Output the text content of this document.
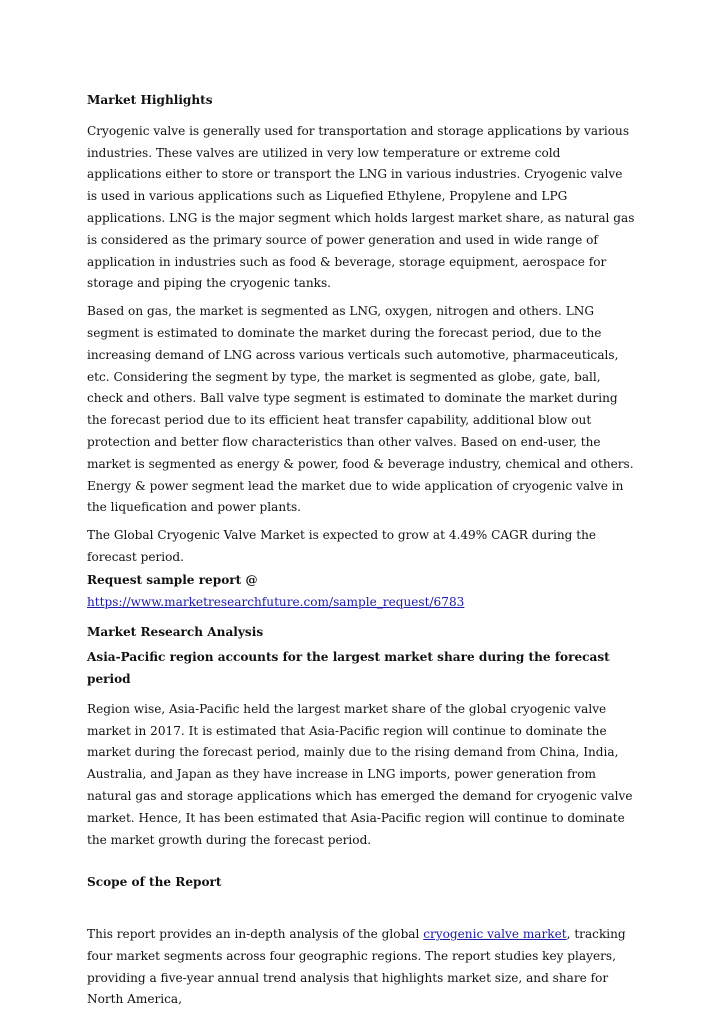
Market Highlights

Cryogenic valve is generally used for transportation and storage applications by various industries. These valves are utilized in very low temperature or extreme cold applications either to store or transport the LNG in various industries. Cryogenic valve is used in various applications such as Liquefied Ethylene, Propylene and LPG applications. LNG is the major segment which holds largest market share, as natural gas is considered as the primary source of power generation and used in wide range of application in industries such as food & beverage, storage equipment, aerospace for storage and piping the cryogenic tanks.

Based on gas, the market is segmented as LNG, oxygen, nitrogen and others. LNG segment is estimated to dominate the market during the forecast period, due to the increasing demand of LNG across various verticals such automotive, pharmaceuticals, etc. Considering the segment by type, the market is segmented as globe, gate, ball, check and others. Ball valve type segment is estimated to dominate the market during the forecast period due to its efficient heat transfer capability, additional blow out protection and better flow characteristics than other valves. Based on end-user, the market is segmented as energy & power, food & beverage industry, chemical and others. Energy & power segment lead the market due to wide application of cryogenic valve in the liquefication and power plants.

The Global Cryogenic Valve Market is expected to grow at 4.49% CAGR during the forecast period.

Request sample report @

https://www.marketresearchfuture.com/sample_request/6783

Market Research Analysis

Asia-Pacific region accounts for the largest market share during the forecast period

Region wise, Asia-Pacific held the largest market share of the global cryogenic valve market in 2017. It is estimated that Asia-Pacific region will continue to dominate the market during the forecast period, mainly due to the rising demand from China, India, Australia, and Japan as they have increase in LNG imports, power generation from natural gas and storage applications which has emerged the demand for cryogenic valve market. Hence, It has been estimated that Asia-Pacific region will continue to dominate the market growth during the forecast period.

Scope of the Report

This report provides an in-depth analysis of the global cryogenic valve market, tracking four market segments across four geographic regions. The report studies key players, providing a five-year annual trend analysis that highlights market size, and share for North America,
